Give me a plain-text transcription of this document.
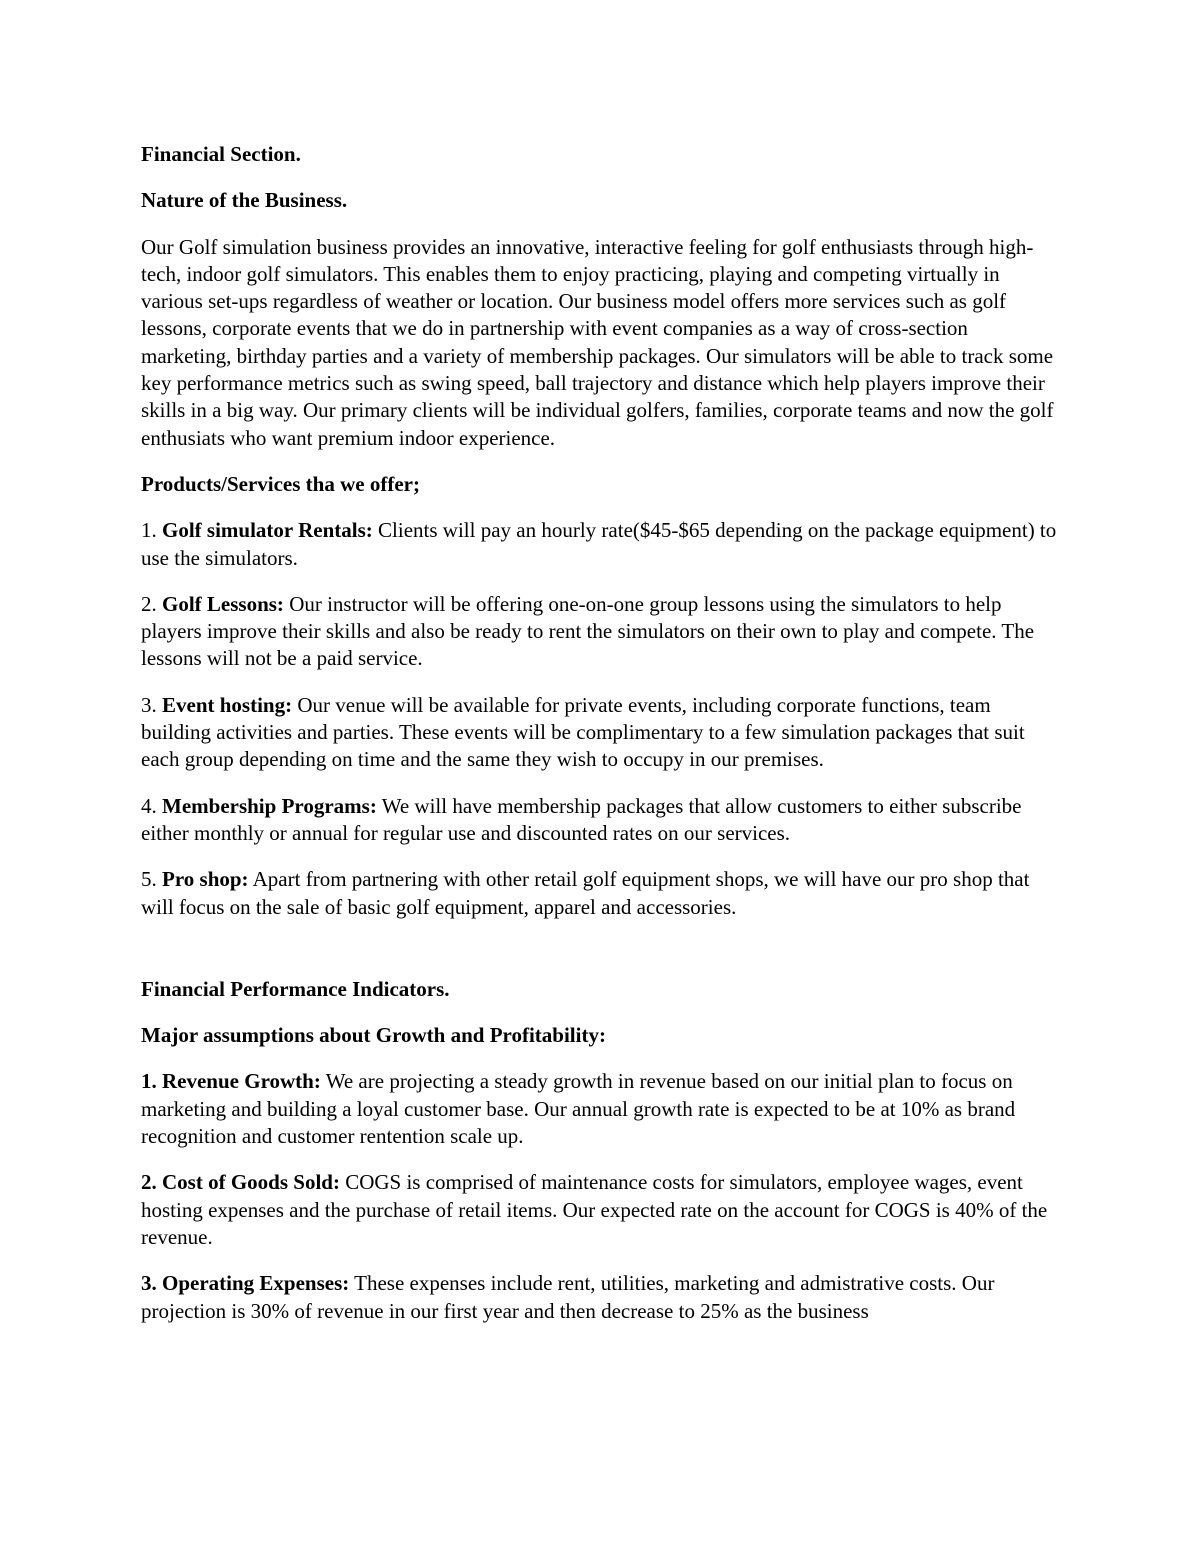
Financial Section.

Nature of the Business.

Our Golf simulation business provides an innovative, interactive feeling for golf enthusiasts through high-tech, indoor golf simulators. This enables them to enjoy practicing, playing and competing virtually in various set-ups regardless of weather or location. Our business model offers more services such as golf lessons, corporate events that we do in partnership with event companies as a way of cross-section marketing, birthday parties and a variety of membership packages. Our simulators will be able to track some key performance metrics such as swing speed, ball trajectory and distance which help players improve their skills in a big way. Our primary clients will be individual golfers, families, corporate teams and now the golf enthusiats who want premium indoor experience.

Products/Services tha we offer;

1. Golf simulator Rentals: Clients will pay an hourly rate($45-$65 depending on the package equipment) to use the simulators.

2. Golf Lessons: Our instructor will be offering one-on-one group lessons using the simulators to help players improve their skills and also be ready to rent the simulators on their own to play and compete. The lessons will not be a paid service.

3. Event hosting: Our venue will be available for private events, including corporate functions, team building activities and parties. These events will be complimentary to a few simulation packages that suit each group depending on time and the same they wish to occupy in our premises.

4. Membership Programs: We will have membership packages that allow customers to either subscribe either monthly or annual for regular use and discounted rates on our services.

5. Pro shop: Apart from partnering with other retail golf equipment shops, we will have our pro shop that will focus on the sale of basic golf equipment, apparel and accessories.

Financial Performance Indicators.

Major assumptions about Growth and Profitability:

1. Revenue Growth: We are projecting a steady growth in revenue based on our initial plan to focus on marketing and building a loyal customer base. Our annual growth rate is expected to be at 10% as brand recognition and customer rentention scale up.

2. Cost of Goods Sold: COGS is comprised of maintenance costs for simulators, employee wages, event hosting expenses and the purchase of retail items. Our expected rate on the account for COGS is 40% of the revenue.

3. Operating Expenses: These expenses include rent, utilities, marketing and admistrative costs. Our projection is 30% of revenue in our first year and then decrease to 25% as the business
